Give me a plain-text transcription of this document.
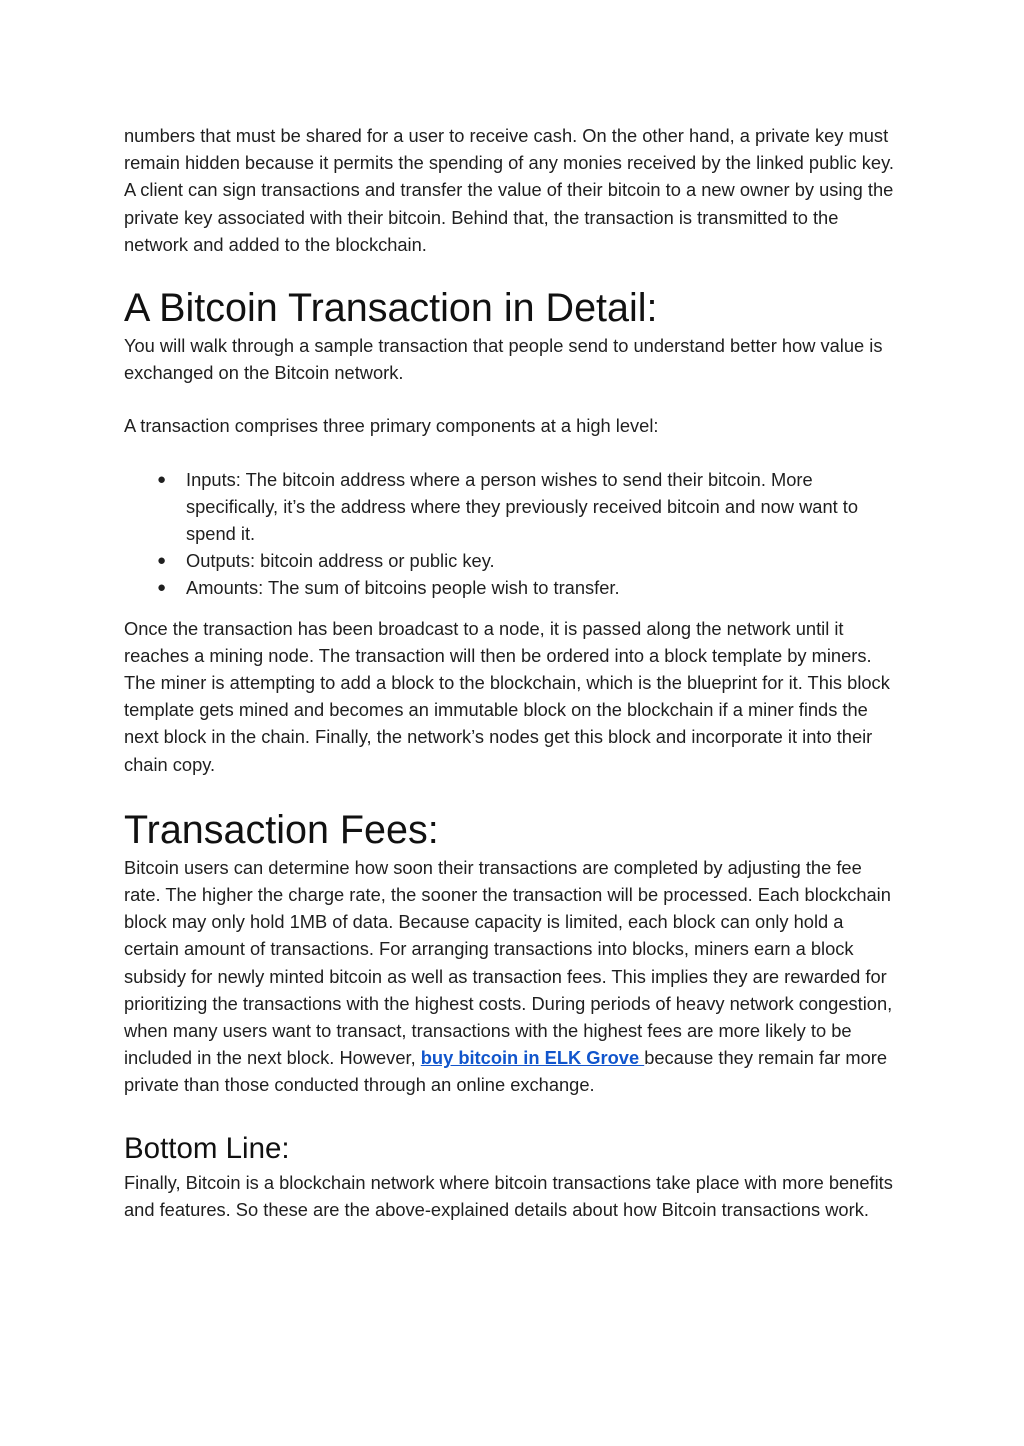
numbers that must be shared for a user to receive cash. On the other hand, a private key must remain hidden because it permits the spending of any monies received by the linked public key. A client can sign transactions and transfer the value of their bitcoin to a new owner by using the private key associated with their bitcoin. Behind that, the transaction is transmitted to the network and added to the blockchain.

A Bitcoin Transaction in Detail:

You will walk through a sample transaction that people send to understand better how value is exchanged on the Bitcoin network.

A transaction comprises three primary components at a high level:

● Inputs: The bitcoin address where a person wishes to send their bitcoin. More specifically, it’s the address where they previously received bitcoin and now want to spend it.
● Outputs: bitcoin address or public key.
● Amounts: The sum of bitcoins people wish to transfer.

Once the transaction has been broadcast to a node, it is passed along the network until it reaches a mining node. The transaction will then be ordered into a block template by miners. The miner is attempting to add a block to the blockchain, which is the blueprint for it. This block template gets mined and becomes an immutable block on the blockchain if a miner finds the next block in the chain. Finally, the network’s nodes get this block and incorporate it into their chain copy.

Transaction Fees:

Bitcoin users can determine how soon their transactions are completed by adjusting the fee rate. The higher the charge rate, the sooner the transaction will be processed. Each blockchain block may only hold 1MB of data. Because capacity is limited, each block can only hold a certain amount of transactions. For arranging transactions into blocks, miners earn a block subsidy for newly minted bitcoin as well as transaction fees. This implies they are rewarded for prioritizing the transactions with the highest costs. During periods of heavy network congestion, when many users want to transact, transactions with the highest fees are more likely to be included in the next block. However, buy bitcoin in ELK Grove because they remain far more private than those conducted through an online exchange.

Bottom Line:

Finally, Bitcoin is a blockchain network where bitcoin transactions take place with more benefits and features. So these are the above-explained details about how Bitcoin transactions work.
